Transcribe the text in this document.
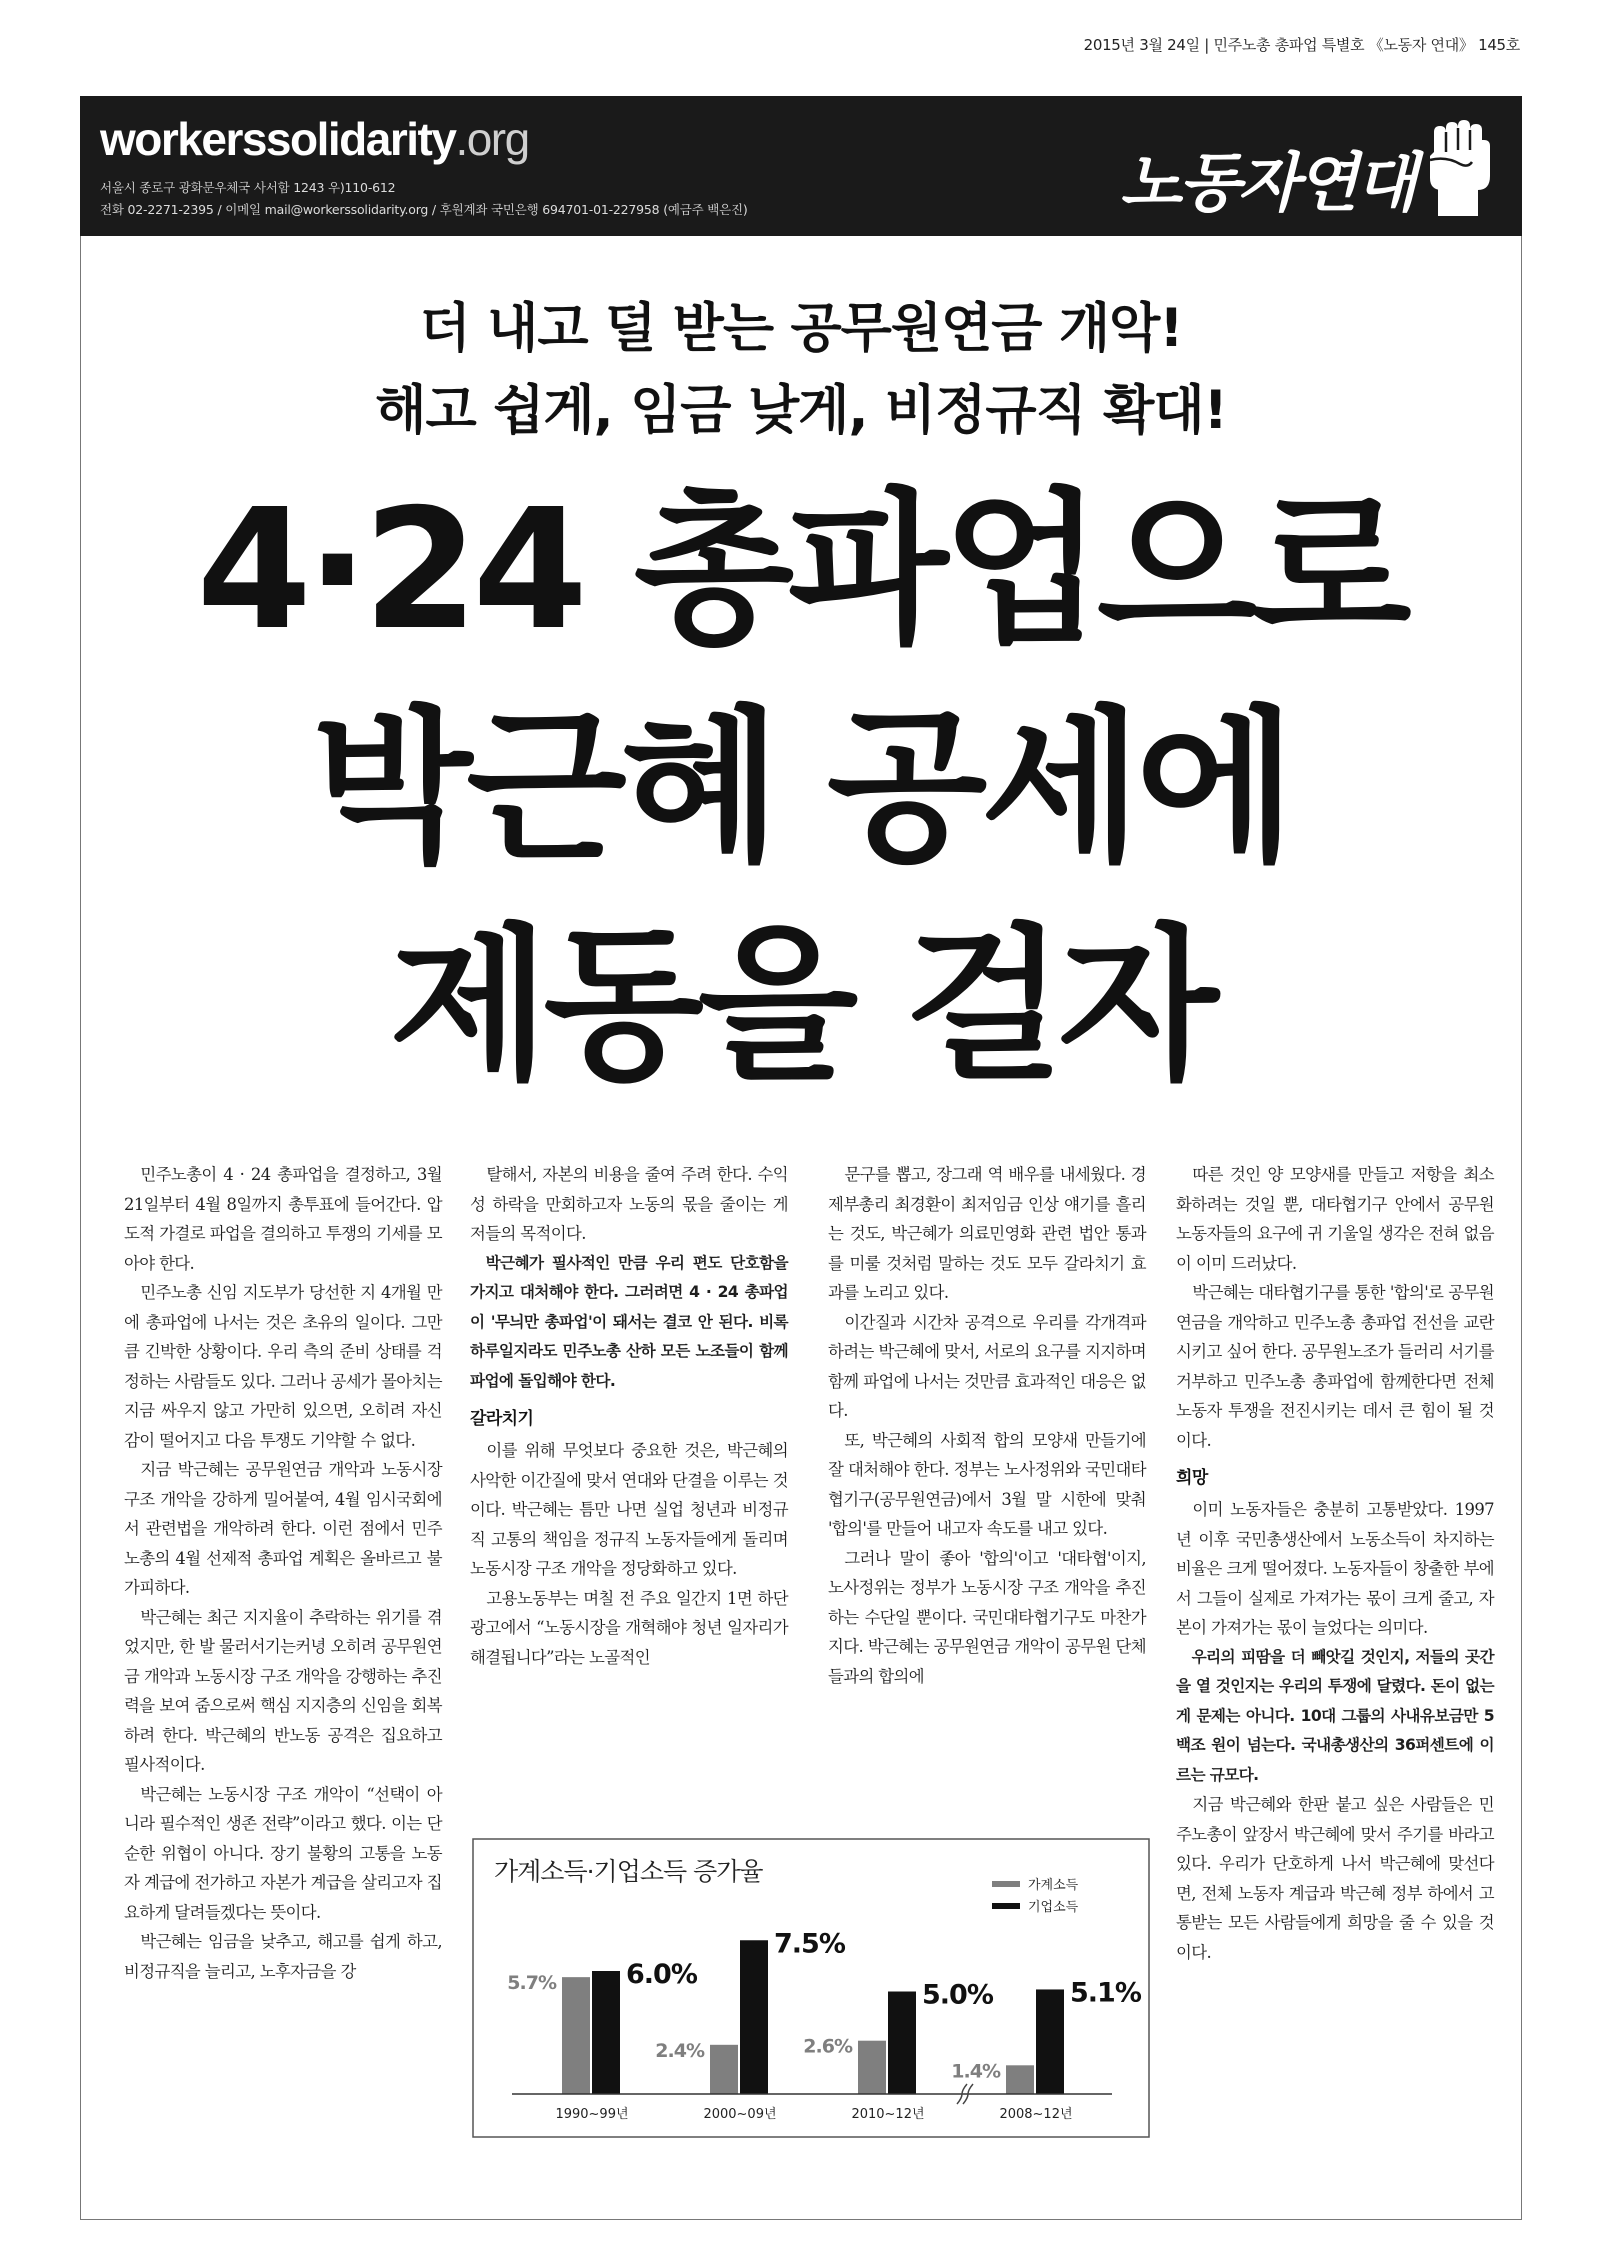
2015년 3월 24일 | 민주노총 총파업 특별호 《노동자 연대》 145호
workerssolidarity.org
서울시 종로구 광화문우체국 사서함 1243 우)110-612
전화 02-2271-2395 / 이메일 mail@workerssolidarity.org / 후원계좌 국민은행 694701-01-227958 (예금주 백은진)	노동자연대
더 내고 덜 받는 공무원연금 개악!
해고 쉽게, 임금 낮게, 비정규직 확대!
4·24 총파업으로
박근혜 공세에
제동을 걸자

민주노총이 4 · 24 총파업을 결정하고, 3월 21일부터 4월 8일까지 총투표에 들어간다. 압도적 가결로 파업을 결의하고 투쟁의 기세를 모아야 한다.

민주노총 신임 지도부가 당선한 지 4개월 만에 총파업에 나서는 것은 초유의 일이다. 그만큼 긴박한 상황이다. 우리 측의 준비 상태를 걱정하는 사람들도 있다. 그러나 공세가 몰아치는 지금 싸우지 않고 가만히 있으면, 오히려 자신감이 떨어지고 다음 투쟁도 기약할 수 없다.

지금 박근혜는 공무원연금 개악과 노동시장 구조 개악을 강하게 밀어붙여, 4월 임시국회에서 관련법을 개악하려 한다. 이런 점에서 민주노총의 4월 선제적 총파업 계획은 올바르고 불가피하다.

박근혜는 최근 지지율이 추락하는 위기를 겪었지만, 한 발 물러서기는커녕 오히려 공무원연금 개악과 노동시장 구조 개악을 강행하는 추진력을 보여 줌으로써 핵심 지지층의 신임을 회복하려 한다. 박근혜의 반노동 공격은 집요하고 필사적이다.

박근혜는 노동시장 구조 개악이 “선택이 아니라 필수적인 생존 전략”이라고 했다. 이는 단순한 위협이 아니다. 장기 불황의 고통을 노동자 계급에 전가하고 자본가 계급을 살리고자 집요하게 달려들겠다는 뜻이다.

박근혜는 임금을 낮추고, 해고를 쉽게 하고, 비정규직을 늘리고, 노후자금을 강

탈해서, 자본의 비용을 줄여 주려 한다. 수익성 하락을 만회하고자 노동의 몫을 줄이는 게 저들의 목적이다.

박근혜가 필사적인 만큼 우리 편도 단호함을 가지고 대처해야 한다. 그러려면 4 · 24 총파업이 '무늬만 총파업'이 돼서는 결코 안 된다. 비록 하루일지라도 민주노총 산하 모든 노조들이 함께 파업에 돌입해야 한다.

갈라치기

이를 위해 무엇보다 중요한 것은, 박근혜의 사악한 이간질에 맞서 연대와 단결을 이루는 것이다. 박근혜는 틈만 나면 실업 청년과 비정규직 고통의 책임을 정규직 노동자들에게 돌리며 노동시장 구조 개악을 정당화하고 있다.

고용노동부는 며칠 전 주요 일간지 1면 하단 광고에서 “노동시장을 개혁해야 청년 일자리가 해결됩니다”라는 노골적인

문구를 뽑고, 장그래 역 배우를 내세웠다. 경제부총리 최경환이 최저임금 인상 얘기를 흘리는 것도, 박근혜가 의료민영화 관련 법안 통과를 미룰 것처럼 말하는 것도 모두 갈라치기 효과를 노리고 있다.

이간질과 시간차 공격으로 우리를 각개격파하려는 박근혜에 맞서, 서로의 요구를 지지하며 함께 파업에 나서는 것만큼 효과적인 대응은 없다.

또, 박근혜의 사회적 합의 모양새 만들기에 잘 대처해야 한다. 정부는 노사정위와 국민대타협기구(공무원연금)에서 3월 말 시한에 맞춰 '합의'를 만들어 내고자 속도를 내고 있다.

그러나 말이 좋아 '합의'이고 '대타협'이지, 노사정위는 정부가 노동시장 구조 개악을 추진하는 수단일 뿐이다. 국민대타협기구도 마찬가지다. 박근혜는 공무원연금 개악이 공무원 단체들과의 합의에

따른 것인 양 모양새를 만들고 저항을 최소화하려는 것일 뿐, 대타협기구 안에서 공무원 노동자들의 요구에 귀 기울일 생각은 전혀 없음이 이미 드러났다.

박근혜는 대타협기구를 통한 '합의'로 공무원연금을 개악하고 민주노총 총파업 전선을 교란시키고 싶어 한다. 공무원노조가 들러리 서기를 거부하고 민주노총 총파업에 함께한다면 전체 노동자 투쟁을 전진시키는 데서 큰 힘이 될 것이다.

희망

이미 노동자들은 충분히 고통받았다. 1997년 이후 국민총생산에서 노동소득이 차지하는 비율은 크게 떨어졌다. 노동자들이 창출한 부에서 그들이 실제로 가져가는 몫이 크게 줄고, 자본이 가져가는 몫이 늘었다는 의미다.

우리의 피땀을 더 빼앗길 것인지, 저들의 곳간을 열 것인지는 우리의 투쟁에 달렸다. 돈이 없는 게 문제는 아니다. 10대 그룹의 사내유보금만 5백조 원이 넘는다. 국내총생산의 36퍼센트에 이르는 규모다.

지금 박근혜와 한판 붙고 싶은 사람들은 민주노총이 앞장서 박근혜에 맞서 주기를 바라고 있다. 우리가 단호하게 나서 박근혜에 맞선다면, 전체 노동자 계급과 박근혜 정부 하에서 고통받는 모든 사람들에게 희망을 줄 수 있을 것이다.

가계소득·기업소득 증가율	가계소득
기업소득
5.7%	6.0%
1990~99년
2.4%
7.5%
2000~09년
2.6%
5.0%
2010~12년
1.4%
5.1%
2008~12년
